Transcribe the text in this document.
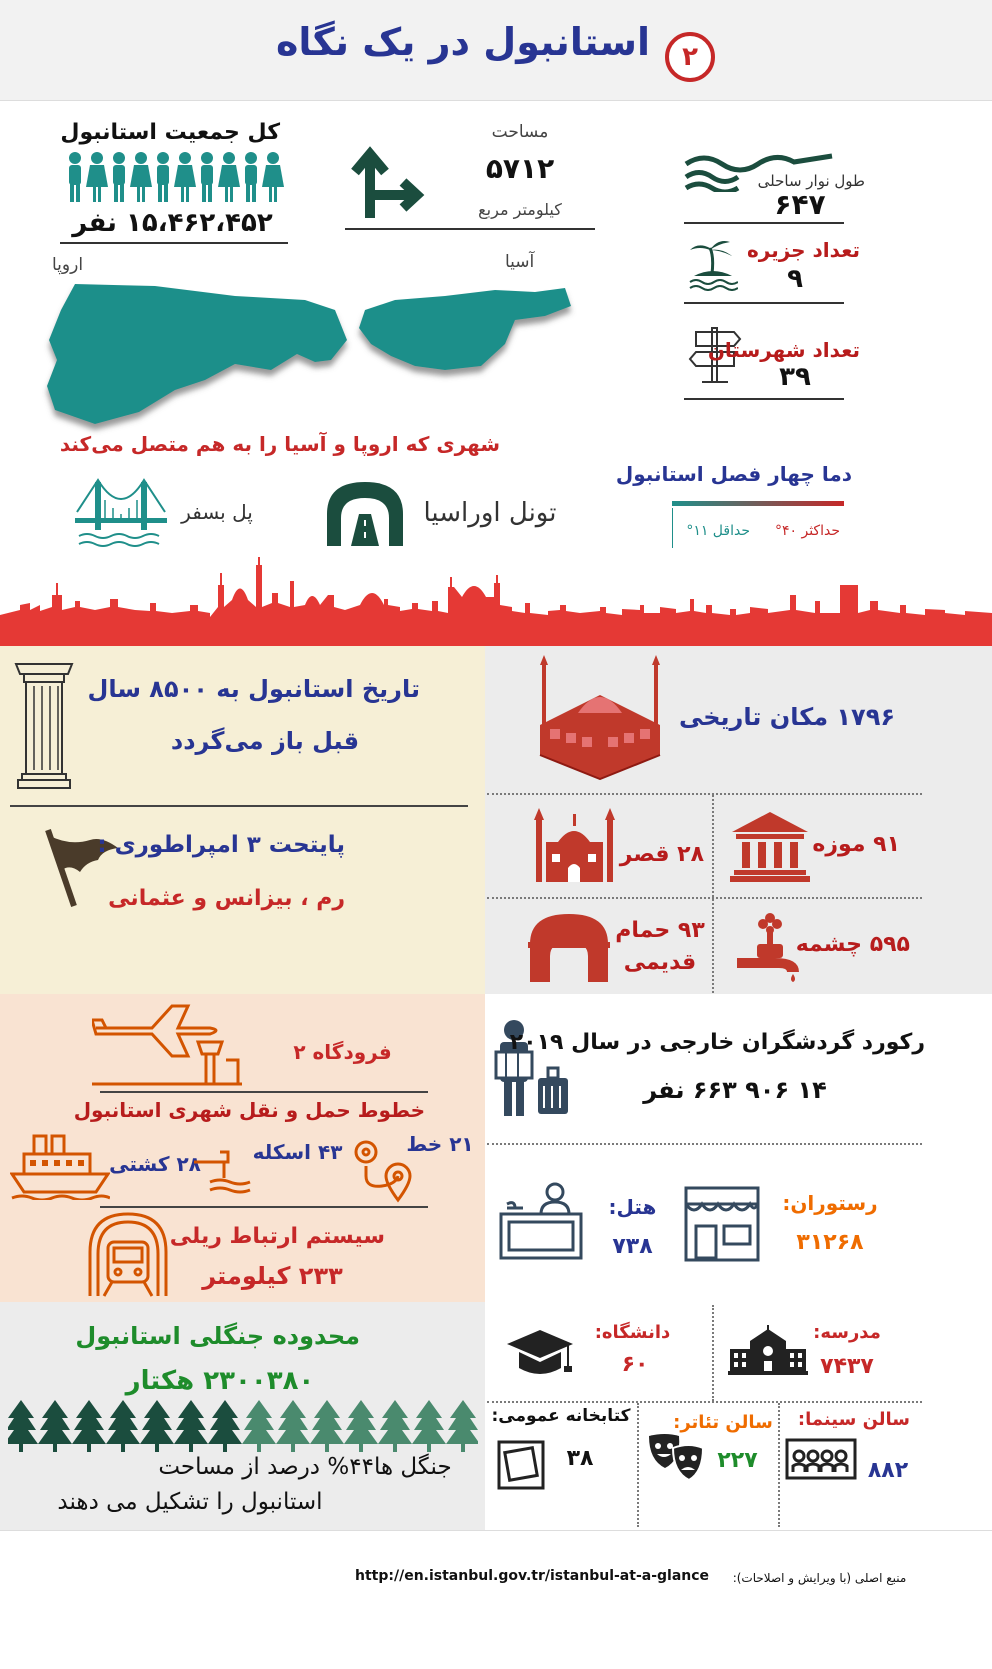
استانبول در یک نگاه	۲
کل جمعیت استانبول
۱۵،۴۶۲،۴۵۲ نفر
مساحت
۵۷۱۲
کیلومتر مربع
طول نوار ساحلی
۶۴۷
تعداد جزیره
۹
تعداد شهرستان
۳۹
اروپا	آسیا
شهری که اروپا و آسیا را به هم متصل می‌کند
پل بسفر	تونل اوراسیا
دما چهار فصل استانبول
حداکثر ۴۰°
حداقل ۱۱°
تاریخ استانبول به ۸۵۰۰ سال
قبل باز می‌گردد
پایتحت ۳ امپراطوری :
رم ، بیزانس و عثمانی
۱۷۹۶ مکان تاریخی
۲۸ قصر	۹۱ موزه
۹۳ حمام
قدیمی
۵۹۵ چشمه
فرودگاه ۲
خطوط حمل و نقل شهری استانبول
۲۸ کشتی	۴۳ اسکله	۲۱ خط
سیستم ارتباط ریلی
۲۳۳ کیلومتر
رکورد گردشگران خارجی در سال ۲۰۱۹
۱۴ ۹۰۶ ۶۶۳ نفر
هتل:
۷۳۸
رستوران:
۳۱۲۶۸
محدوده جنگلی استانبول
۲۳۰۰۳۸۰ هکتار
جنگل ها۴۴% درصد از مساحت
استانبول را تشکیل می دهند
دانشگاه:
۶۰
مدرسه:
۷۴۳۷
کتابخانه عمومی:
۳۸
سالن تئاتر:
۲۲۷
سالن سینما:
۸۸۲
منبع اصلی (با ویرایش و اصلاحات):
http://en.istanbul.gov.tr/istanbul-at-a-glance
